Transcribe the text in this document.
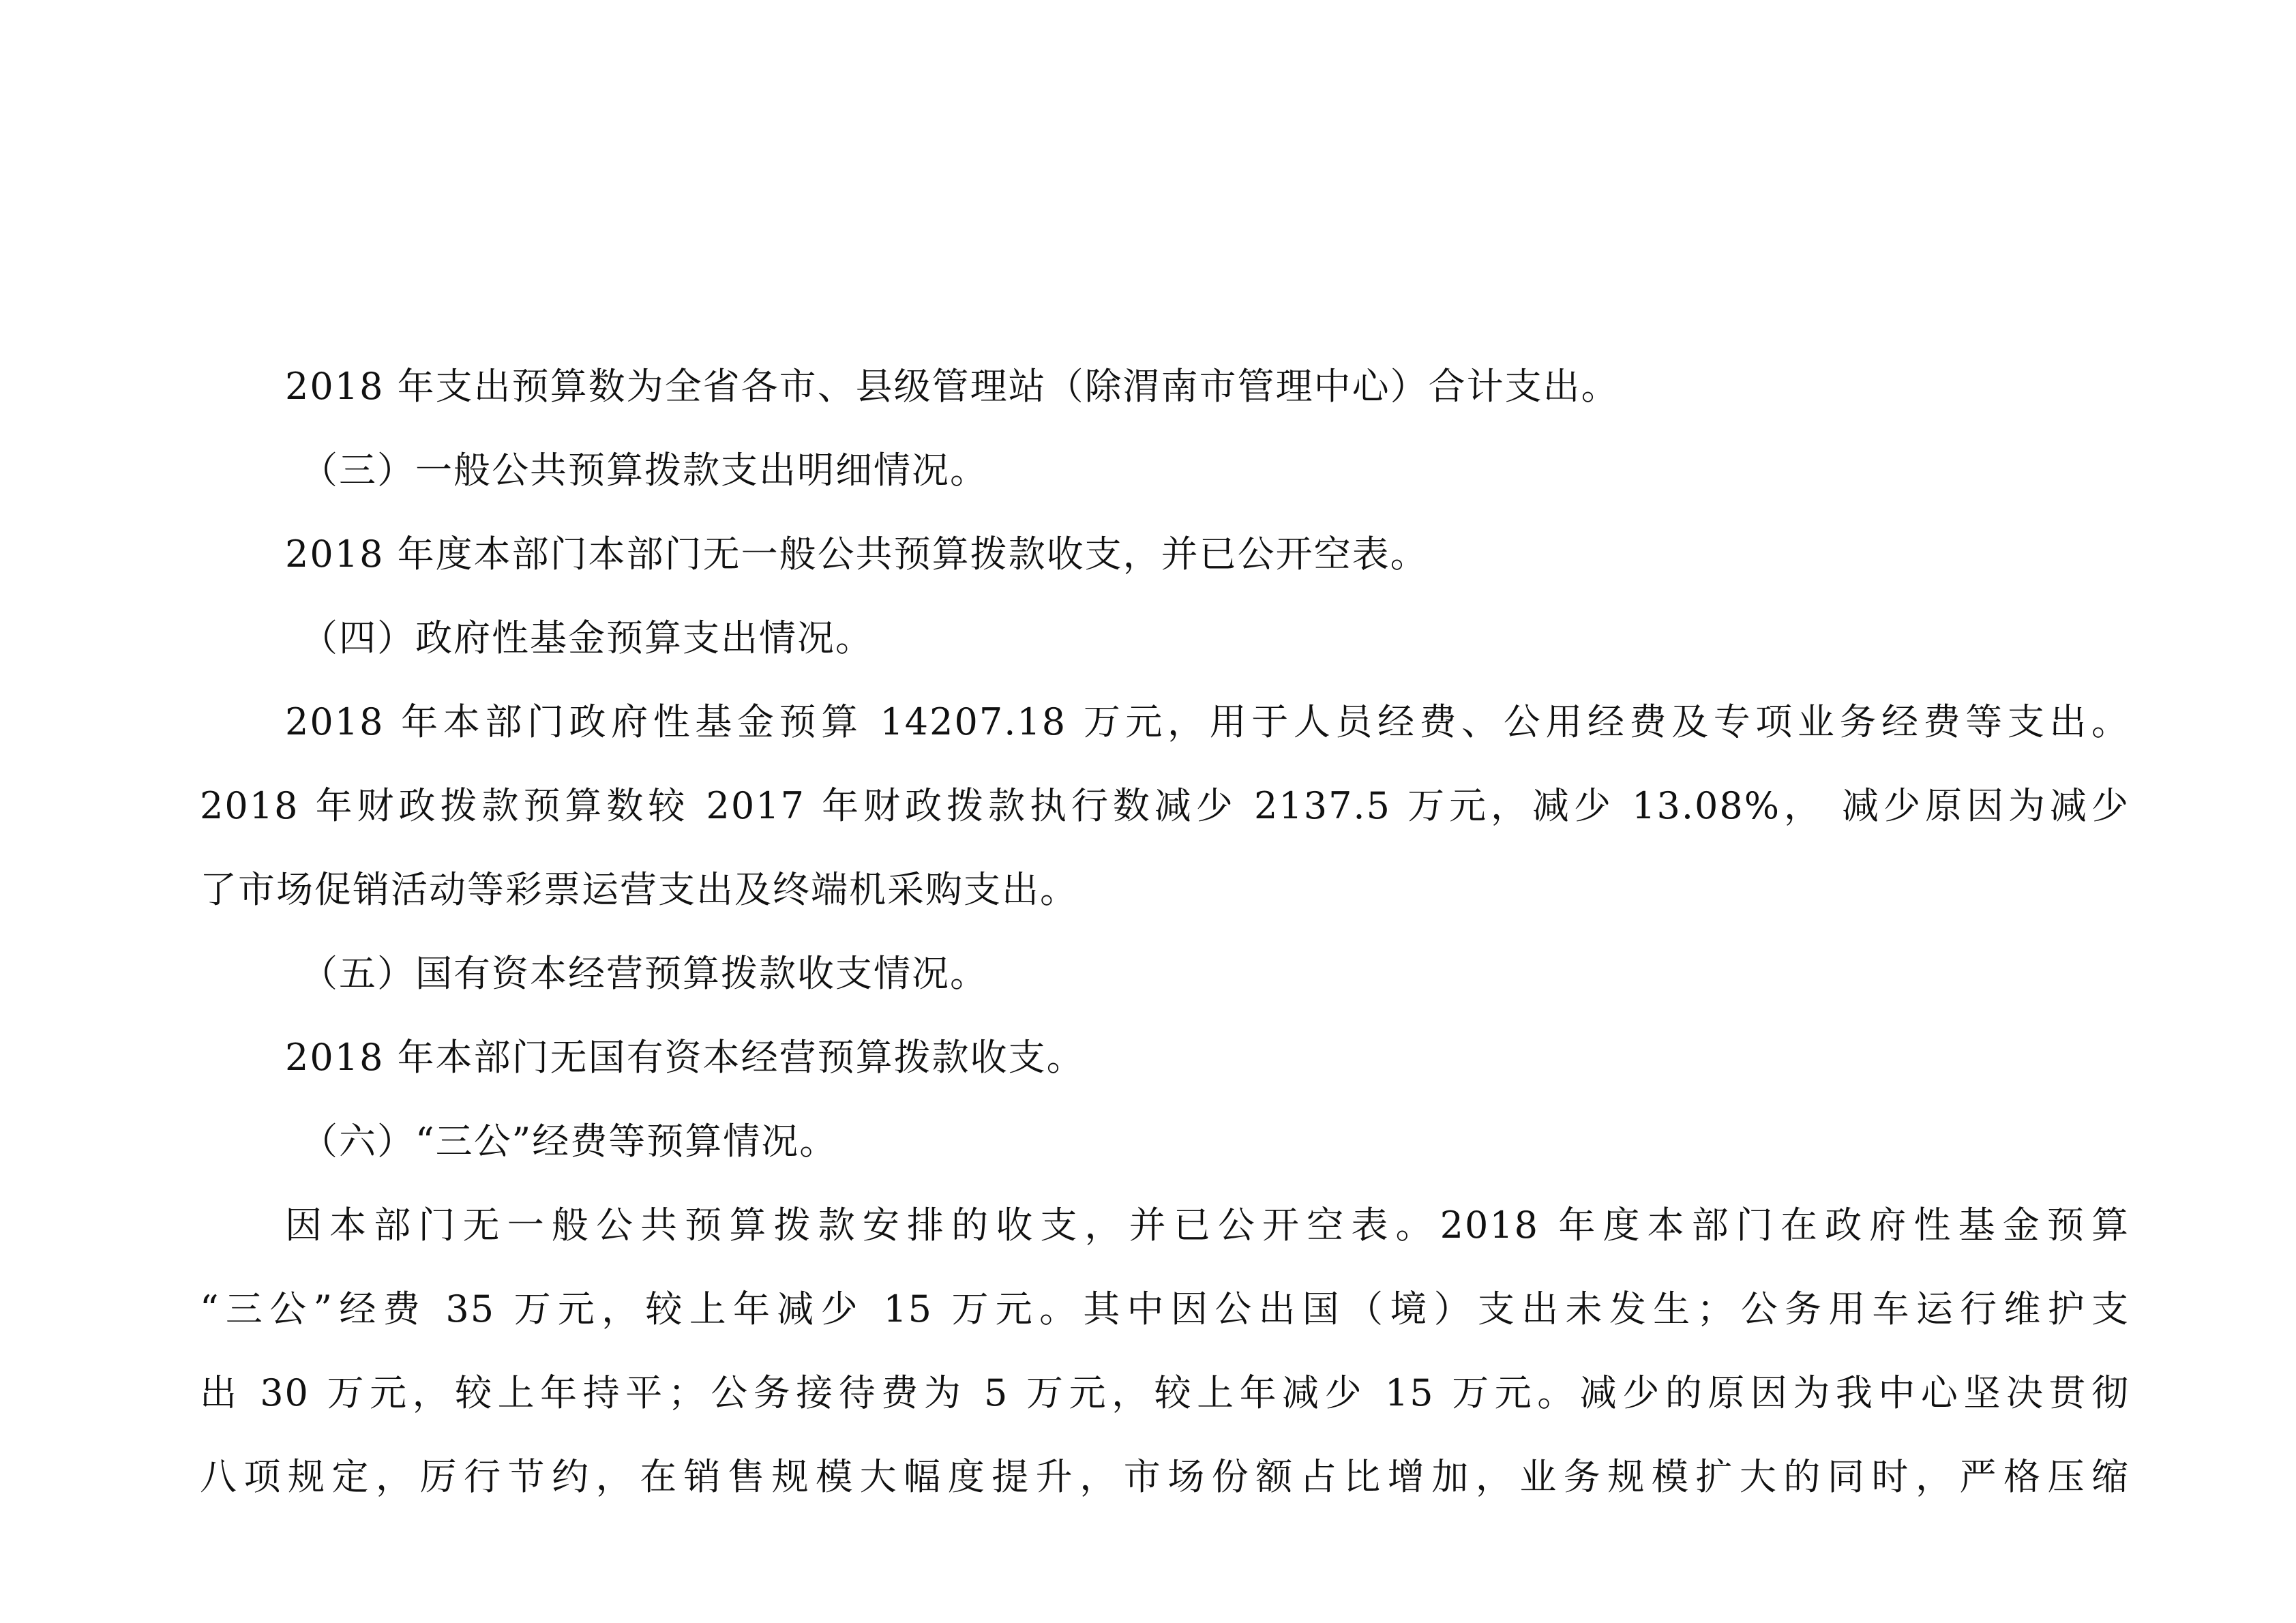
2018 年支出预算数为全省各市、县级管理站（除渭南市管理中心）合计支出。
（三）一般公共预算拨款支出明细情况。
2018 年度本部门本部门无一般公共预算拨款收支，并已公开空表。
（四）政府性基金预算支出情况。
2018 年本部门政府性基金预算 14207.18 万元，用于人员经费、公用经费及专项业务经费等支出。
2018 年财政拨款预算数较 2017 年财政拨款执行数减少 2137.5 万元，减少 13.08%， 减少原因为减少
了市场促销活动等彩票运营支出及终端机采购支出。
（五）国有资本经营预算拨款收支情况。
2018 年本部门无国有资本经营预算拨款收支。
（六）“三公”经费等预算情况。
因本部门无一般公共预算拨款安排的收支，并已公开空表。2018 年度本部门在政府性基金预算
“三公”经费 35 万元，较上年减少 15 万元。其中因公出国（境）支出未发生；公务用车运行维护支
出 30 万元，较上年持平；公务接待费为 5 万元，较上年减少 15 万元。减少的原因为我中心坚决贯彻
八项规定，厉行节约，在销售规模大幅度提升，市场份额占比增加，业务规模扩大的同时，严格压缩
